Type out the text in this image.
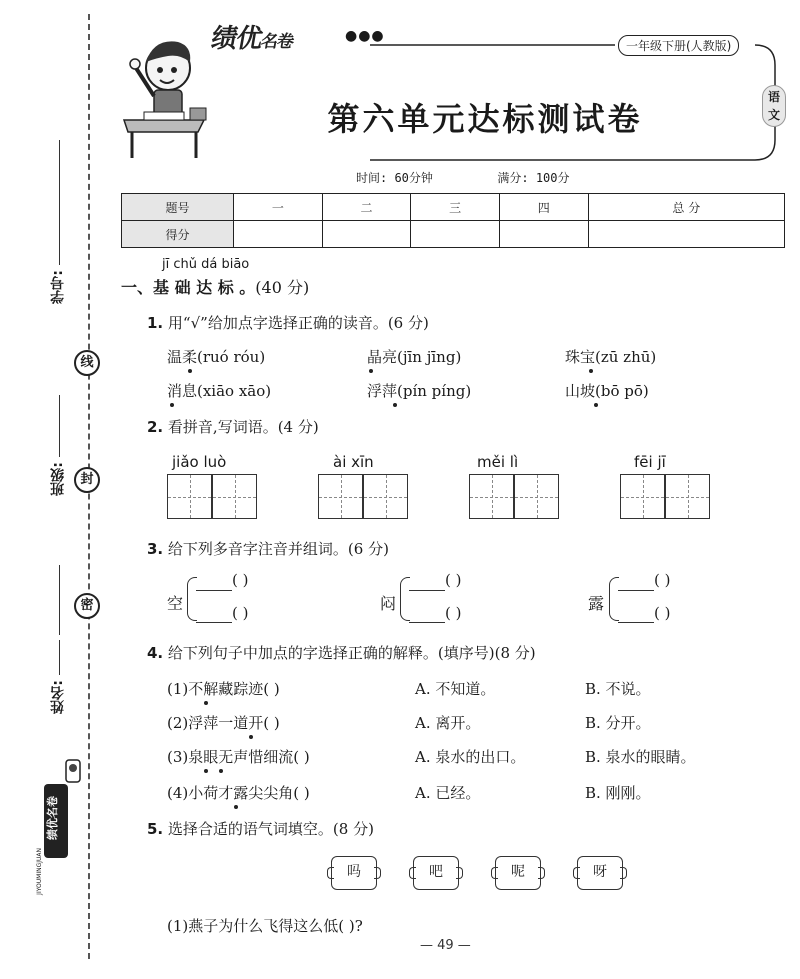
学号:
线
班级:	封
密
姓名:
绩优名卷
JIYOUMINGJUAN
绩优名卷	●●●
一年级下册(人教版)
语
文
第六单元达标测试卷
时间: 60分钟	满分: 100分
题号	一	二	三	四	总 分
得分					
jī chǔ dá biāo
一、基 础 达 标 。(40 分)
1. 用“√”给加点字选择正确的读音。(6 分)
温柔(ruó róu)	晶亮(jīn jīng)	珠宝(zū zhū)
消息(xiāo xāo)	浮萍(pín píng)	山坡(bō pō)
2. 看拼音,写词语。(4 分)
jiǎo luò	ài xīn	měi lì	fēi jī
3. 给下列多音字注音并组词。(6 分)
空
( )
( )	闷
( )
( )	露
( )
( )
4. 给下列句子中加点的字选择正确的解释。(填序号)(8 分)
(1)不解藏踪迹( )	A. 不知道。	B. 不说。
(2)浮萍一道开( )	A. 离开。	B. 分开。
(3)泉眼无声惜细流( )	A. 泉水的出口。	B. 泉水的眼睛。
(4)小荷才露尖尖角( )	A. 已经。	B. 刚刚。
5. 选择合适的语气词填空。(8 分)
吗	吧	呢	呀
(1)燕子为什么飞得这么低( )?
— 49 —
